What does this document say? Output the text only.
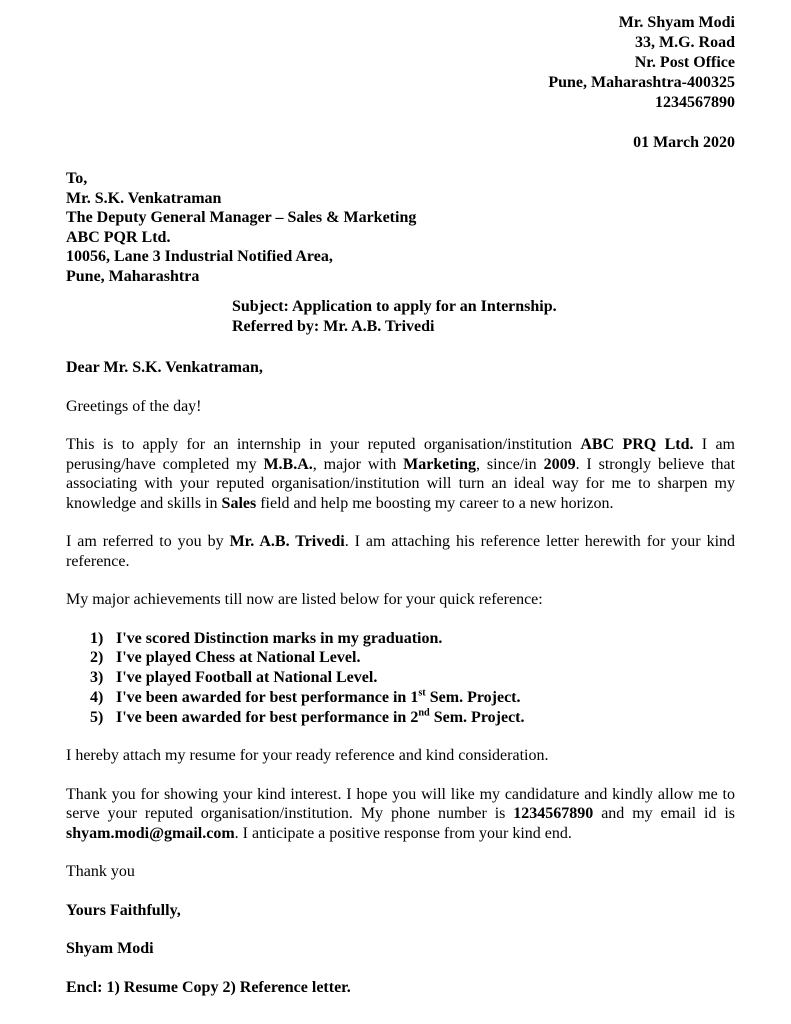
Mr. Shyam Modi
33, M.G. Road
Nr. Post Office
Pune, Maharashtra-400325
1234567890
01 March 2020
To,
Mr. S.K. Venkatraman
The Deputy General Manager – Sales & Marketing
ABC PQR Ltd.
10056, Lane 3 Industrial Notified Area,
Pune, Maharashtra
Subject: Application to apply for an Internship.
Referred by: Mr. A.B. Trivedi

Dear Mr. S.K. Venkatraman,

Greetings of the day!

This is to apply for an internship in your reputed organisation/institution ABC PRQ Ltd. I am perusing/have completed my M.B.A., major with Marketing, since/in 2009. I strongly believe that associating with your reputed organisation/institution will turn an ideal way for me to sharpen my knowledge and skills in Sales field and help me boosting my career to a new horizon.

I am referred to you by Mr. A.B. Trivedi. I am attaching his reference letter herewith for your kind reference.

My major achievements till now are listed below for your quick reference:

1) I've scored Distinction marks in my graduation.
2) I've played Chess at National Level.
3) I've played Football at National Level.
4) I've been awarded for best performance in 1st Sem. Project.
5) I've been awarded for best performance in 2nd Sem. Project.

I hereby attach my resume for your ready reference and kind consideration.

Thank you for showing your kind interest. I hope you will like my candidature and kindly allow me to serve your reputed organisation/institution. My phone number is 1234567890 and my email id is shyam.modi@gmail.com. I anticipate a positive response from your kind end.

Thank you

Yours Faithfully,

Shyam Modi

Encl: 1) Resume Copy 2) Reference letter.
